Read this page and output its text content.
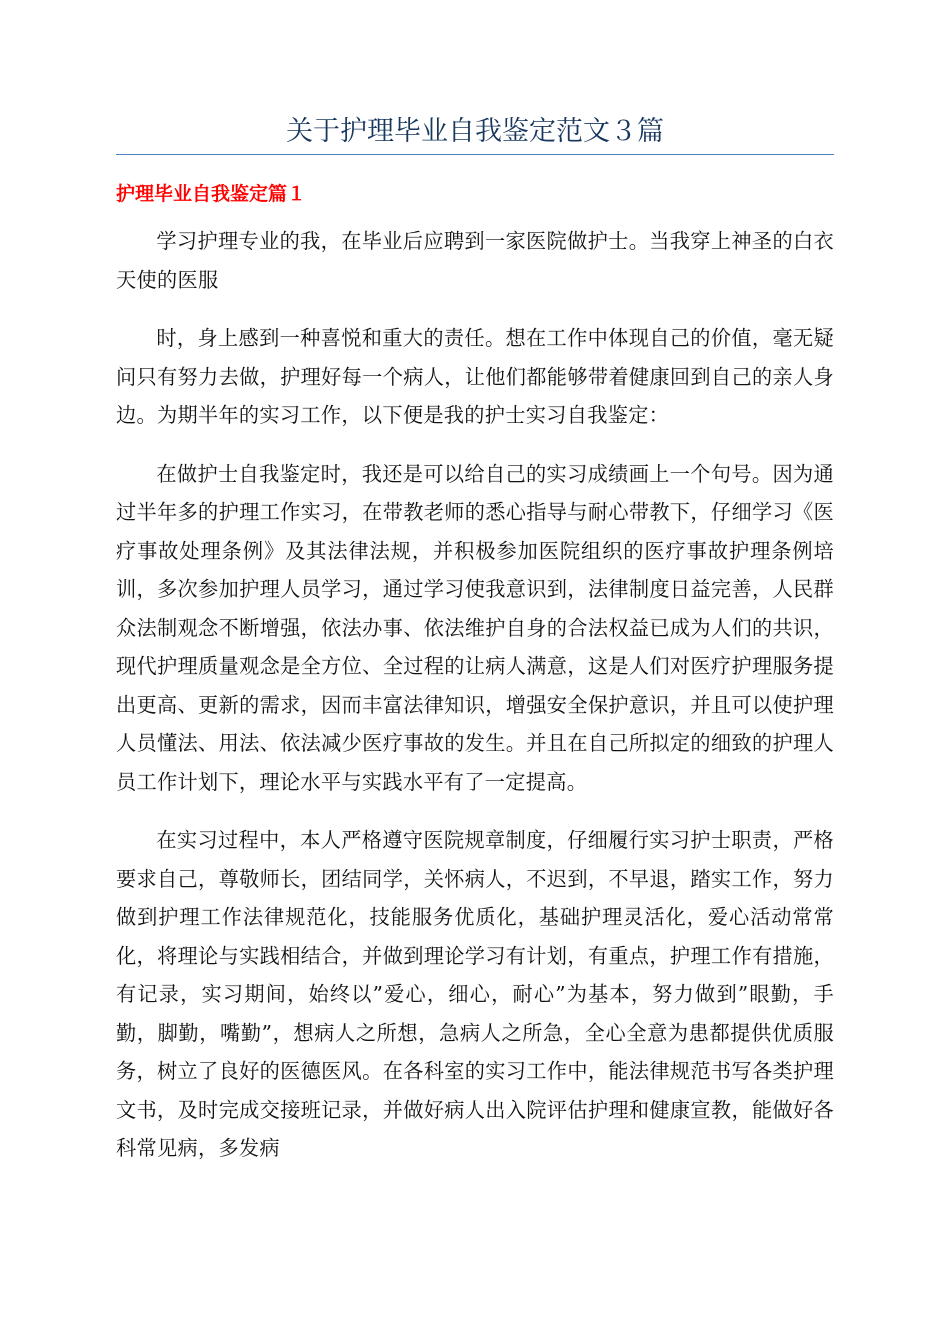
关于护理毕业自我鉴定范文３篇
护理毕业自我鉴定篇１

学习护理专业的我，在毕业后应聘到一家医院做护士。当我穿上神圣的白衣天使的医服

时，身上感到一种喜悦和重大的责任。想在工作中体现自己的价值，毫无疑问只有努力去做，护理好每一个病人，让他们都能够带着健康回到自己的亲人身边。为期半年的实习工作，以下便是我的护士实习自我鉴定：

在做护士自我鉴定时，我还是可以给自己的实习成绩画上一个句号。因为通过半年多的护理工作实习，在带教老师的悉心指导与耐心带教下，仔细学习《医疗事故处理条例》及其法律法规，并积极参加医院组织的医疗事故护理条例培训，多次参加护理人员学习，通过学习使我意识到，法律制度日益完善，人民群众法制观念不断增强，依法办事、依法维护自身的合法权益已成为人们的共识，现代护理质量观念是全方位、全过程的让病人满意，这是人们对医疗护理服务提出更高、更新的需求，因而丰富法律知识，增强安全保护意识，并且可以使护理人员懂法、用法、依法减少医疗事故的发生。并且在自己所拟定的细致的护理人员工作计划下，理论水平与实践水平有了一定提高。

在实习过程中，本人严格遵守医院规章制度，仔细履行实习护士职责，严格要求自己，尊敬师长，团结同学，关怀病人，不迟到，不早退，踏实工作，努力做到护理工作法律规范化，技能服务优质化，基础护理灵活化，爱心活动常常化，将理论与实践相结合，并做到理论学习有计划，有重点，护理工作有措施，有记录，实习期间，始终以”爱心，细心，耐心”为基本，努力做到”眼勤，手勤，脚勤，嘴勤”，想病人之所想，急病人之所急，全心全意为患都提供优质服务，树立了良好的医德医风。在各科室的实习工作中，能法律规范书写各类护理文书，及时完成交接班记录，并做好病人出入院评估护理和健康宣教，能做好各科常见病，多发病
